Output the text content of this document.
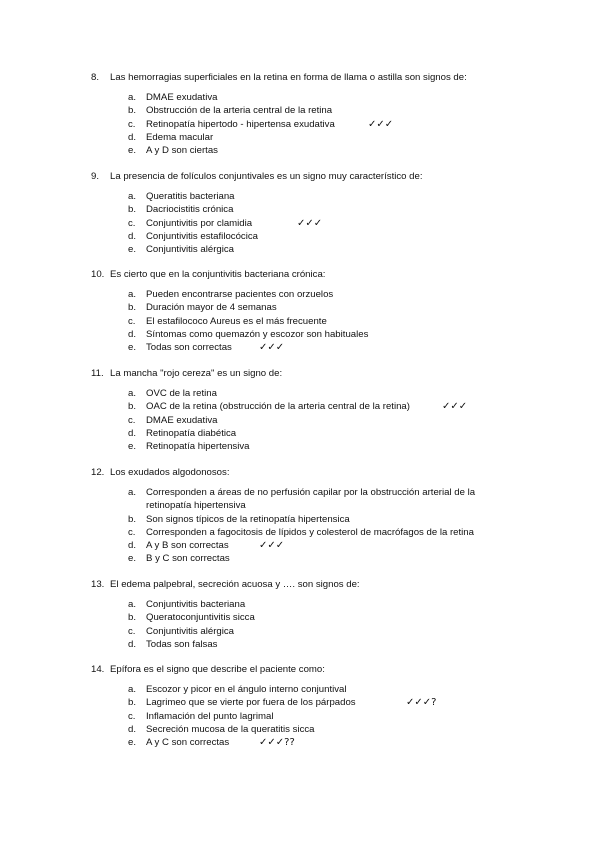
8. Las hemorragias superficiales en la retina en forma de llama o astilla son signos de:
a. DMAE exudativa
b. Obstrucción de la arteria central de la retina
c. Retinopatía hipertodo - hipertensa exudativa	✓✓✓
d. Edema macular
e. A y D son ciertas
9. La presencia de folículos conjuntivales es un signo muy característico de:
a. Queratitis bacteriana
b. Dacriocistitis crónica
c. Conjuntivitis por clamidia	✓✓✓
d. Conjuntivitis estafilocócica
e. Conjuntivitis alérgica
10. Es cierto que en la conjuntivitis bacteriana crónica:
a. Pueden encontrarse pacientes con orzuelos
b. Duración mayor de 4 semanas
c. El estafilococo Aureus es el más frecuente
d. Síntomas como quemazón y escozor son habituales
e. Todas son correctas	✓✓✓
11. La mancha "rojo cereza" es un signo de:
a. OVC de la retina
b. OAC de la retina (obstrucción de la arteria central de la retina)	✓✓✓
c. DMAE exudativa
d. Retinopatía diabética
e. Retinopatía hipertensiva
12. Los exudados algodonosos:
a. Corresponden a áreas de no perfusión capilar por la obstrucción arterial de la retinopatía hipertensiva
b. Son signos típicos de la retinopatía hipertensica
c. Corresponden a fagocitosis de lípidos y colesterol de macrófagos de la retina
d. A y B son correctas	✓✓✓
e. B y C son correctas
13. El edema palpebral, secreción acuosa y …. son signos de:
a. Conjuntivitis bacteriana
b. Queratoconjuntivitis sicca
c. Conjuntivitis alérgica
d. Todas son falsas
14. Epífora es el signo que describe el paciente como:
a. Escozor y picor en el ángulo interno conjuntival
b. Lagrimeo que se vierte por fuera de los párpados	✓✓✓?
c. Inflamación del punto lagrimal
d. Secreción mucosa de la queratitis sicca
e. A y C son correctas	✓✓✓??
